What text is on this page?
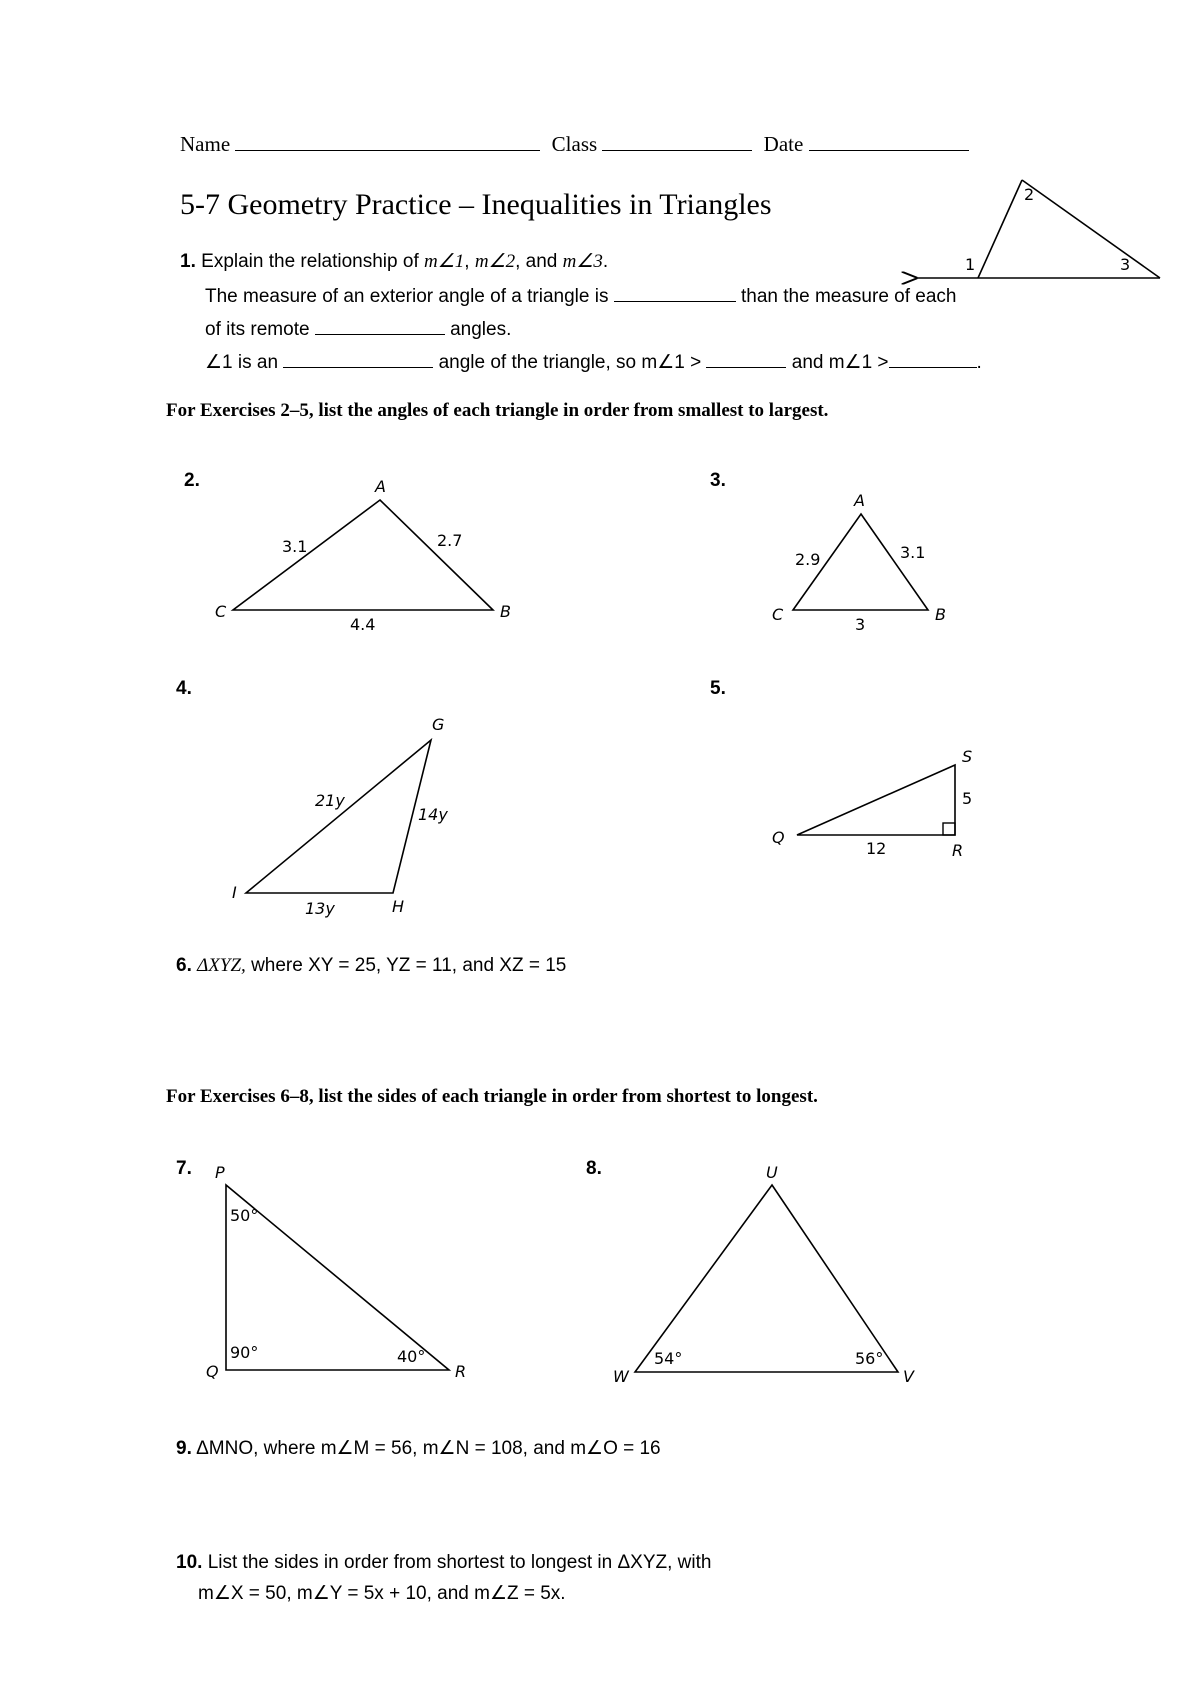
Name	Class	Date
5-7 Geometry Practice – Inequalities in Triangles
1. Explain the relationship of m∠1, m∠2, and m∠3.
The measure of an exterior angle of a triangle is	than the measure of each
of its remote	angles.
∠1 is an	angle of the triangle, so m∠1 >	and m∠1 >	.
For Exercises 2–5, list the angles of each triangle in order from smallest to largest.
2.	3.
4.	5.
6. ΔXYZ, where XY = 25, YZ = 11, and XZ = 15
For Exercises 6–8, list the sides of each triangle in order from shortest to longest.
7.	8.
9. ΔMNO, where m∠M = 56, m∠N = 108, and m∠O = 16
10. List the sides in order from shortest to longest in ΔXYZ, with
m∠X = 50, m∠Y = 5x + 10, and m∠Z = 5x.
1
2
3
A
B
C
3.1	2.7
4.4
A
B
C
2.9	3.1
3
G
H
I
21y
14y
13y
S
R
Q
5
12
P
Q	R
50°
90°	40°
U
W	V
54°	56°
